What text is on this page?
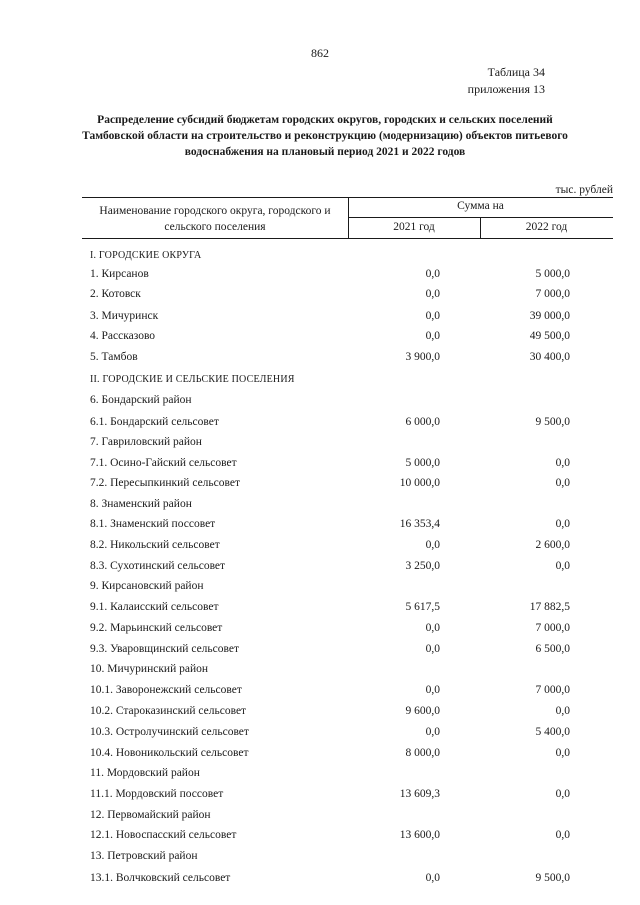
862
Таблица 34
приложения 13
Распределение субсидий бюджетам городских округов, городских и сельских поселений
Тамбовской области на строительство и реконструкцию (модернизацию) объектов питьевого
водоснабжения на плановый период 2021 и 2022 годов
тыс. рублей
Наименование городского округа, городского и
сельского поселения
Сумма на
2021 год	2022 год
I. ГОРОДСКИЕ ОКРУГА
1. Кирсанов	0,0	5 000,0
2. Котовск	0,0	7 000,0
3. Мичуринск	0,0	39 000,0
4. Рассказово	0,0	49 500,0
5. Тамбов	3 900,0	30 400,0
II. ГОРОДСКИЕ И СЕЛЬСКИЕ ПОСЕЛЕНИЯ
6. Бондарский район
6.1. Бондарский сельсовет	6 000,0	9 500,0
7. Гавриловский район
7.1. Осино-Гайский сельсовет	5 000,0	0,0
7.2. Пересыпкинкий сельсовет	10 000,0	0,0
8. Знаменский район
8.1. Знаменский поссовет	16 353,4	0,0
8.2. Никольский сельсовет	0,0	2 600,0
8.3. Сухотинский сельсовет	3 250,0	0,0
9. Кирсановский район
9.1. Калаисский сельсовет	5 617,5	17 882,5
9.2. Марьинский сельсовет	0,0	7 000,0
9.3. Уваровщинский сельсовет	0,0	6 500,0
10. Мичуринский район
10.1. Заворонежский сельсовет	0,0	7 000,0
10.2. Староказинский сельсовет	9 600,0	0,0
10.3. Остролучинский сельсовет	0,0	5 400,0
10.4. Новоникольский сельсовет	8 000,0	0,0
11. Мордовский район
11.1. Мордовский поссовет	13 609,3	0,0
12. Первомайский район
12.1. Новоспасский сельсовет	13 600,0	0,0
13. Петровский район
13.1. Волчковский сельсовет	0,0	9 500,0
